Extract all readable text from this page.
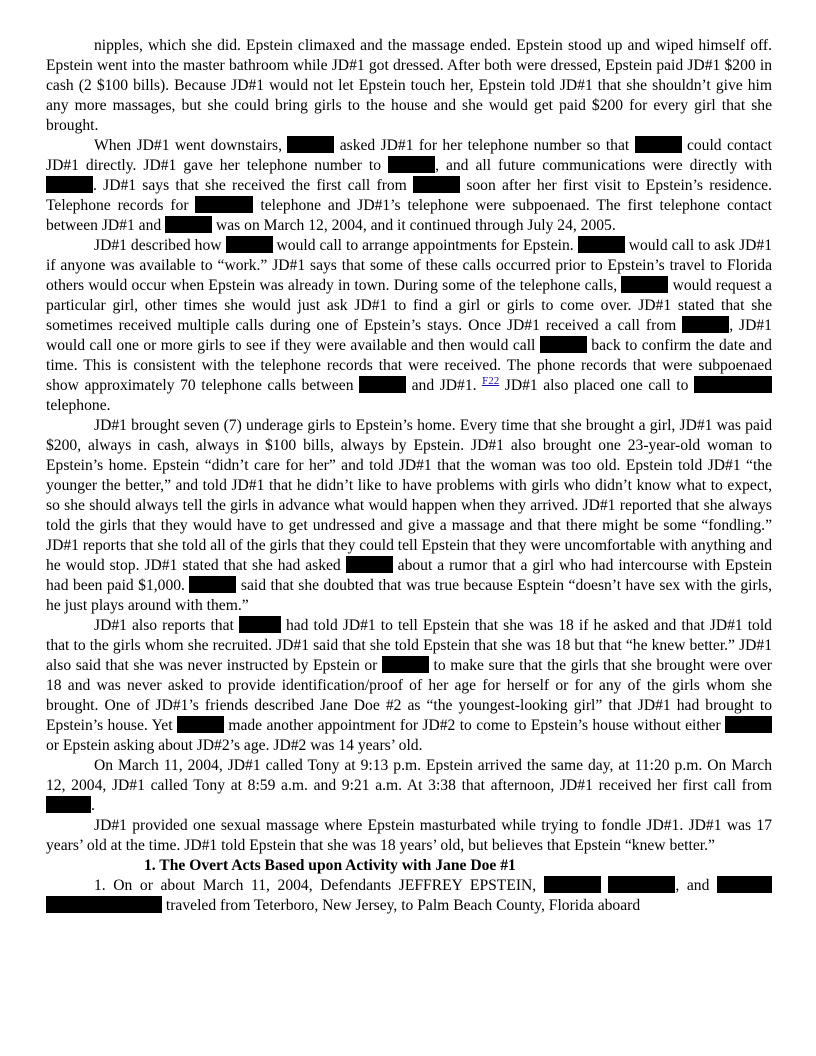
nipples, which she did. Epstein climaxed and the massage ended. Epstein stood up and wiped himself off. Epstein went into the master bathroom while JD#1 got dressed. After both were dressed, Epstein paid JD#1 $200 in cash (2 $100 bills). Because JD#1 would not let Epstein touch her, Epstein told JD#1 that she shouldn’t give him any more massages, but she could bring girls to the house and she would get paid $200 for every girl that she brought.

When JD#1 went downstairs,	asked JD#1 for her telephone number so that	could contact JD#1 directly. JD#1 gave her telephone number to	, and all future communications were directly with . JD#1 says that she received the first call from	soon after her first visit to Epstein’s residence. Telephone records for	telephone and JD#1’s telephone were subpoenaed. The first telephone contact between JD#1 and	was on March 12, 2004, and it continued through July 24, 2005.

JD#1 described how	would call to arrange appointments for Epstein.	would call to ask JD#1 if anyone was available to “work.” JD#1 says that some of these calls occurred prior to Epstein’s travel to Florida others would occur when Epstein was already in town. During some of the telephone calls,	would request a particular girl, other times she would just ask JD#1 to find a girl or girls to come over. JD#1 stated that she sometimes received multiple calls during one of Epstein’s stays. Once JD#1 received a call from	, JD#1 would call one or more girls to see if they were available and then would call	back to confirm the date and time. This is consistent with the telephone records that were received. The phone records that were subpoenaed show approximately 70 telephone calls between	and JD#1. $^{F22}$ JD#1 also placed one call to  telephone.

JD#1 brought seven (7) underage girls to Epstein’s home. Every time that she brought a girl, JD#1 was paid $200, always in cash, always in $100 bills, always by Epstein. JD#1 also brought one 23-year-old woman to Epstein’s home. Epstein “didn’t care for her” and told JD#1 that the woman was too old. Epstein told JD#1 “the younger the better,” and told JD#1 that he didn’t like to have problems with girls who didn’t know what to expect, so she should always tell the girls in advance what would happen when they arrived. JD#1 reported that she always told the girls that they would have to get undressed and give a massage and that there might be some “fondling.” JD#1 reports that she told all of the girls that they could tell Epstein that they were uncomfortable with anything and he would stop. JD#1 stated that she had asked	about a rumor that a girl who had intercourse with Epstein had been paid $1,000.	said that she doubted that was true because Esptein “doesn’t have sex with the girls, he just plays around with them.”

JD#1 also reports that	had told JD#1 to tell Epstein that she was 18 if he asked and that JD#1 told that to the girls whom she recruited. JD#1 said that she told Epstein that she was 18 but that “he knew better.” JD#1 also said that she was never instructed by Epstein or	to make sure that the girls that she brought were over 18 and was never asked to provide identification/proof of her age for herself or for any of the girls whom she brought. One of JD#1’s friends described Jane Doe #2 as “the youngest-looking girl” that JD#1 had brought to Epstein’s house. Yet	made another appointment for JD#2 to come to Epstein’s house without either  or Epstein asking about JD#2’s age. JD#2 was 14 years’ old.

On March 11, 2004, JD#1 called Tony at 9:13 p.m. Epstein arrived the same day, at 11:20 p.m. On March 12, 2004, JD#1 called Tony at 8:59 a.m. and 9:21 a.m. At 3:38 that afternoon, JD#1 received her first call from .

JD#1 provided one sexual massage where Epstein masturbated while trying to fondle JD#1. JD#1 was 17 years’ old at the time. JD#1 told Epstein that she was 18 years’ old, but believes that Epstein “knew better.”

1. The Overt Acts Based upon Activity with Jane Doe #1

1. On or about March 11, 2004, Defendants JEFFREY EPSTEIN,	, and   traveled from Teterboro, New Jersey, to Palm Beach County, Florida aboard
